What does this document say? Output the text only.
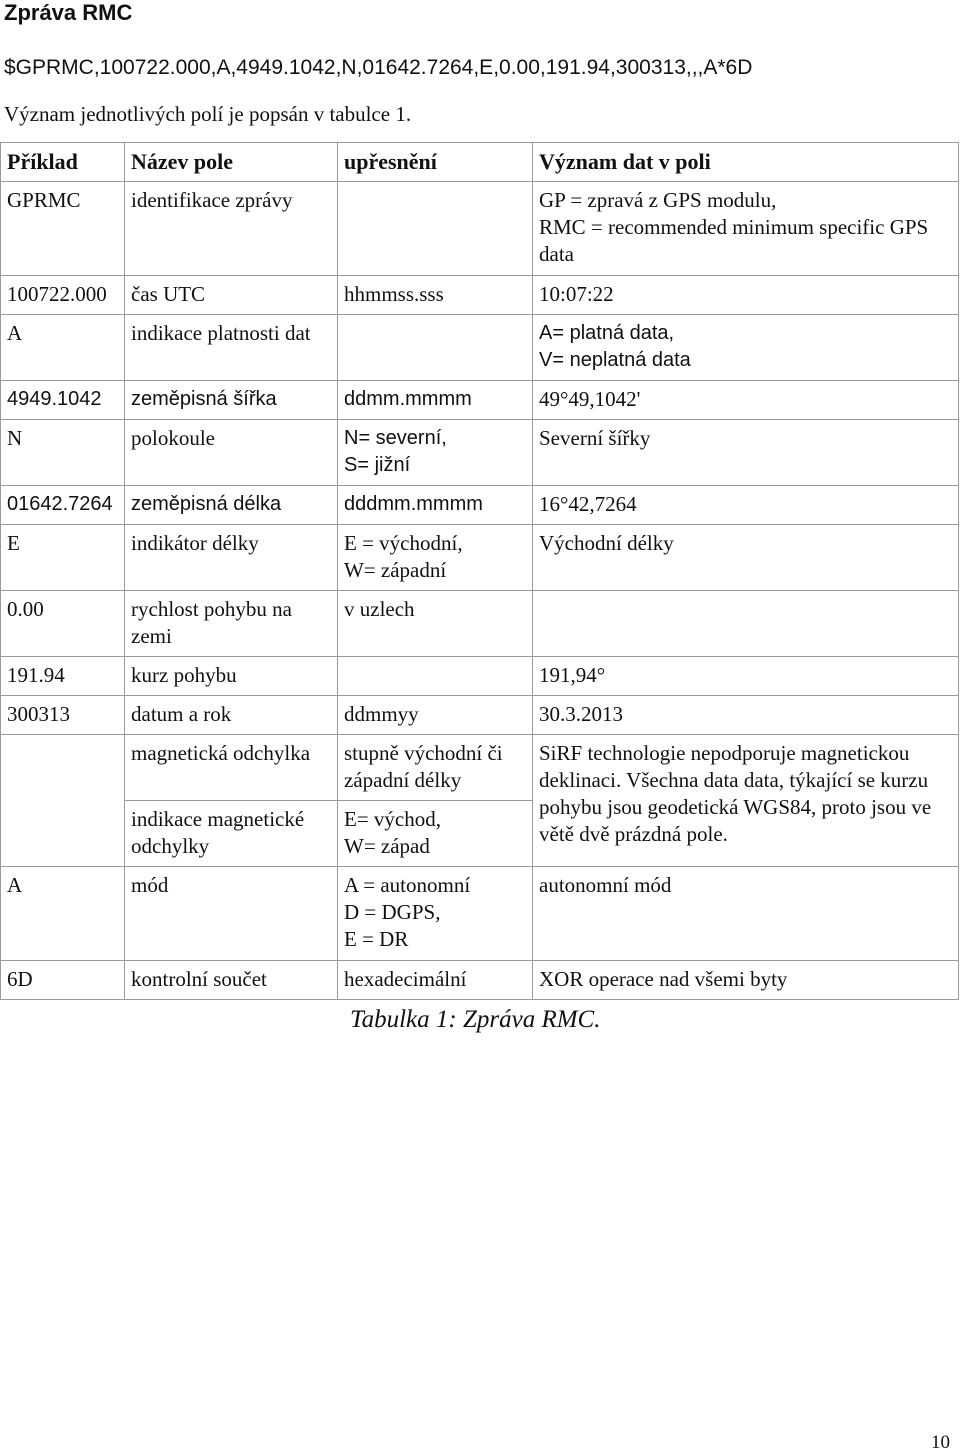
Zpráva RMC
$GPRMC,100722.000,A,4949.1042,N,01642.7264,E,0.00,191.94,300313,,,A*6D
Význam jednotlivých polí je popsán v tabulce 1.
Příklad	Název pole	upřesnění	Význam dat v poli
GPRMC	identifikace zprávy		GP = zpravá z GPS modulu,
RMC = recommended minimum specific GPS data

100722.000	čas UTC	hhmmss.sss	10:07:22
A	indikace platnosti dat		A= platná data,
V= neplatná data

4949.1042	zeměpisná šířka	ddmm.mmmm	49°49,1042'
N	polokoule	N= severní,
S= jižní	Severní šířky
01642.7264	zeměpisná délka	dddmm.mmmm	16°42,7264
E	indikátor délky	E = východní,
W= západní	Východní délky
0.00	rychlost pohybu na zemi	v uzlech	
191.94	kurz pohybu		191,94°
300313	datum a rok	ddmmyy	30.3.2013
	magnetická odchylka	stupně východní či západní délky	SiRF technologie nepodporuje magnetickou deklinaci. Všechna data data, týkající se kurzu pohybu jsou geodetická WGS84, proto jsou ve větě dvě prázdná pole.
	indikace magnetické odchylky	E= východ,
W= západ	

A	mód	A = autonomní
D = DGPS,
E = DR	autonomní mód
6D	kontrolní součet	hexadecimální	XOR operace nad všemi byty
Tabulka 1: Zpráva RMC.
10
